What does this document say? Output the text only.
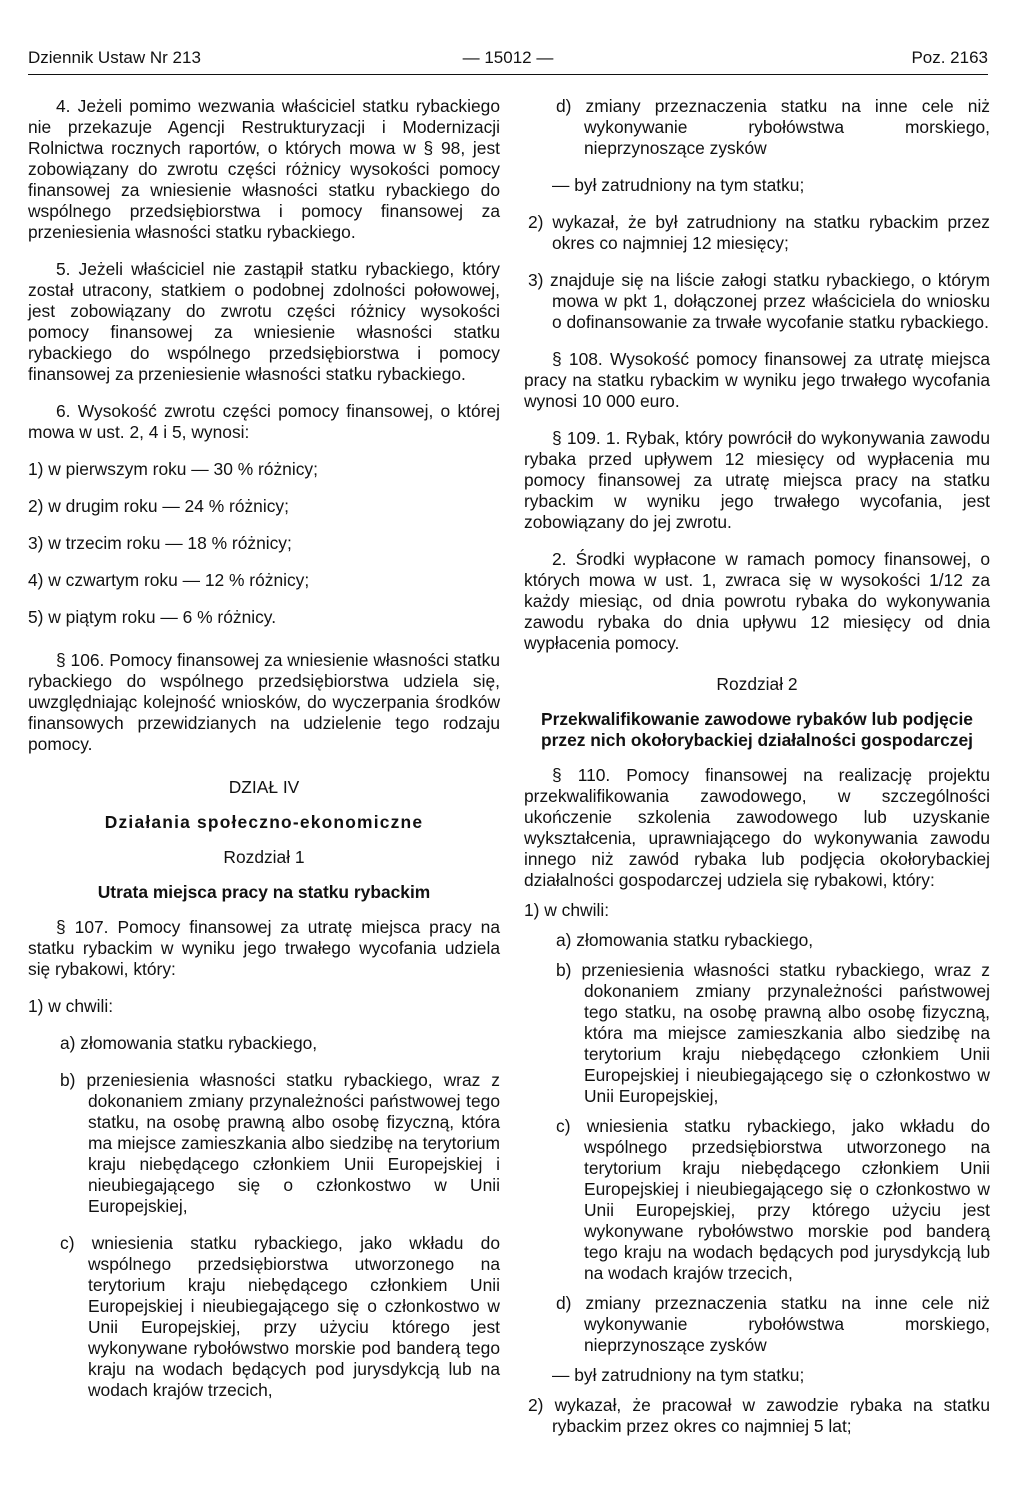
Dziennik Ustaw Nr 213	— 15012 —	Poz. 2163

4. Jeżeli pomimo wezwania właściciel statku rybackiego nie przekazuje Agencji Restrukturyzacji i Modernizacji Rolnictwa rocznych raportów, o których mowa w § 98, jest zobowiązany do zwrotu części różnicy wysokości pomocy finansowej za wniesienie własności statku rybackiego do wspólnego przedsiębiorstwa i pomocy finansowej za przeniesienia własności statku rybackiego.

5. Jeżeli właściciel nie zastąpił statku rybackiego, który został utracony, statkiem o podobnej zdolności połowowej, jest zobowiązany do zwrotu części różnicy wysokości pomocy finansowej za wniesienie własności statku rybackiego do wspólnego przedsiębiorstwa i pomocy finansowej za przeniesienie własności statku rybackiego.

6. Wysokość zwrotu części pomocy finansowej, o której mowa w ust. 2, 4 i 5, wynosi:

1) w pierwszym roku — 30 % różnicy;

2) w drugim roku — 24 % różnicy;

3) w trzecim roku — 18 % różnicy;

4) w czwartym roku — 12 % różnicy;

5) w piątym roku — 6 % różnicy.

§ 106. Pomocy finansowej za wniesienie własności statku rybackiego do wspólnego przedsiębiorstwa udziela się, uwzględniając kolejność wniosków, do wyczerpania środków finansowych przewidzianych na udzielenie tego rodzaju pomocy.

DZIAŁ IV

Działania społeczno-ekonomiczne

Rozdział 1

Utrata miejsca pracy na statku rybackim

§ 107. Pomocy finansowej za utratę miejsca pracy na statku rybackim w wyniku jego trwałego wycofania udziela się rybakowi, który:

1) w chwili:

a) złomowania statku rybackiego,

b) przeniesienia własności statku rybackiego, wraz z dokonaniem zmiany przynależności państwowej tego statku, na osobę prawną albo osobę fizyczną, która ma miejsce zamieszkania albo siedzibę na terytorium kraju niebędącego członkiem Unii Europejskiej i nieubiegającego się o członkostwo w Unii Europejskiej,

c) wniesienia statku rybackiego, jako wkładu do wspólnego przedsiębiorstwa utworzonego na terytorium kraju niebędącego członkiem Unii Europejskiej i nieubiegającego się o członkostwo w Unii Europejskiej, przy użyciu którego jest wykonywane rybołówstwo morskie pod banderą tego kraju na wodach będących pod jurysdykcją lub na wodach krajów trzecich,

d) zmiany przeznaczenia statku na inne cele niż wykonywanie rybołówstwa morskiego, nieprzynoszące zysków

— był zatrudniony na tym statku;

2) wykazał, że był zatrudniony na statku rybackim przez okres co najmniej 12 miesięcy;

3) znajduje się na liście załogi statku rybackiego, o którym mowa w pkt 1, dołączonej przez właściciela do wniosku o dofinansowanie za trwałe wycofanie statku rybackiego.

§ 108. Wysokość pomocy finansowej za utratę miejsca pracy na statku rybackim w wyniku jego trwałego wycofania wynosi 10 000 euro.

§ 109. 1. Rybak, który powrócił do wykonywania zawodu rybaka przed upływem 12 miesięcy od wypłacenia mu pomocy finansowej za utratę miejsca pracy na statku rybackim w wyniku jego trwałego wycofania, jest zobowiązany do jej zwrotu.

2. Środki wypłacone w ramach pomocy finansowej, o których mowa w ust. 1, zwraca się w wysokości 1/12 za każdy miesiąc, od dnia powrotu rybaka do wykonywania zawodu rybaka do dnia upływu 12 miesięcy od dnia wypłacenia pomocy.

Rozdział 2

Przekwalifikowanie zawodowe rybaków lub podjęcie przez nich okołorybackiej działalności gospodarczej

§ 110. Pomocy finansowej na realizację projektu przekwalifikowania zawodowego, w szczególności ukończenie szkolenia zawodowego lub uzyskanie wykształcenia, uprawniającego do wykonywania zawodu innego niż zawód rybaka lub podjęcia okołorybackiej działalności gospodarczej udziela się rybakowi, który:

1) w chwili:

a) złomowania statku rybackiego,

b) przeniesienia własności statku rybackiego, wraz z dokonaniem zmiany przynależności państwowej tego statku, na osobę prawną albo osobę fizyczną, która ma miejsce zamieszkania albo siedzibę na terytorium kraju niebędącego członkiem Unii Europejskiej i nieubiegającego się o członkostwo w Unii Europejskiej,

c) wniesienia statku rybackiego, jako wkładu do wspólnego przedsiębiorstwa utworzonego na terytorium kraju niebędącego członkiem Unii Europejskiej i nieubiegającego się o członkostwo w Unii Europejskiej, przy którego użyciu jest wykonywane rybołówstwo morskie pod banderą tego kraju na wodach będących pod jurysdykcją lub na wodach krajów trzecich,

d) zmiany przeznaczenia statku na inne cele niż wykonywanie rybołówstwa morskiego, nieprzynoszące zysków

— był zatrudniony na tym statku;

2) wykazał, że pracował w zawodzie rybaka na statku rybackim przez okres co najmniej 5 lat;
